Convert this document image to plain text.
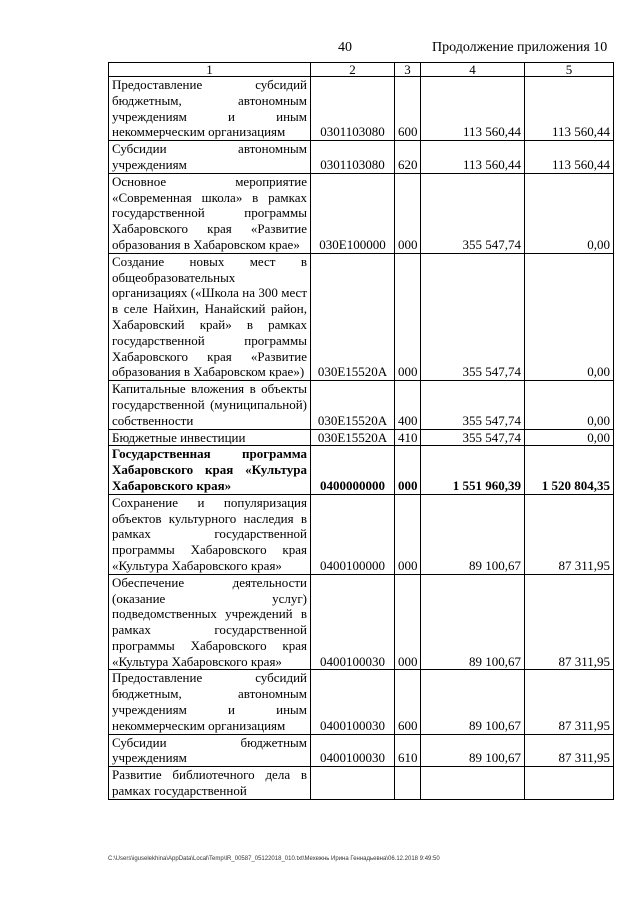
40	Продолжение приложения 10
1	2	3	4	5
Предоставление субсидий бюджетным, автономным учреждениям и иным некоммерческим организациям	0301103080	600	113 560,44	113 560,44
Субсидии автономным учреждениям	0301103080	620	113 560,44	113 560,44
Основное мероприятие «Современная школа» в рамках государственной программы Хабаровского края «Развитие образования в Хабаровском крае»	030E100000	000	355 547,74	0,00
Создание новых мест в общеобразовательных организациях («Школа на 300 мест в селе Найхин, Нанайский район, Хабаровский край» в рамках государственной программы Хабаровского края «Развитие образования в Хабаровском крае»)	030E15520A	000	355 547,74	0,00
Капитальные вложения в объекты государственной (муниципальной) собственности	030E15520A	400	355 547,74	0,00
Бюджетные инвестиции	030E15520A	410	355 547,74	0,00
Государственная программа Хабаровского края «Культура Хабаровского края»	0400000000	000	1 551 960,39	1 520 804,35
Сохранение и популяризация объектов культурного наследия в рамках государственной программы Хабаровского края «Культура Хабаровского края»	0400100000	000	89 100,67	87 311,95
Обеспечение деятельности (оказание услуг) подведомственных учреждений в рамках государственной программы Хабаровского края «Культура Хабаровского края»	0400100030	000	89 100,67	87 311,95
Предоставление субсидий бюджетным, автономным учреждениям и иным некоммерческим организациям	0400100030	600	89 100,67	87 311,95
Субсидии бюджетным учреждениям	0400100030	610	89 100,67	87 311,95
Развитие библиотечного дела в рамках государственной				
C:\Users\iguselekhina\AppData\Local\Temp\IR_00587_05122018_010.txt\Мехежнь Ирина Геннадьевна\06.12.2018 9:49:50
